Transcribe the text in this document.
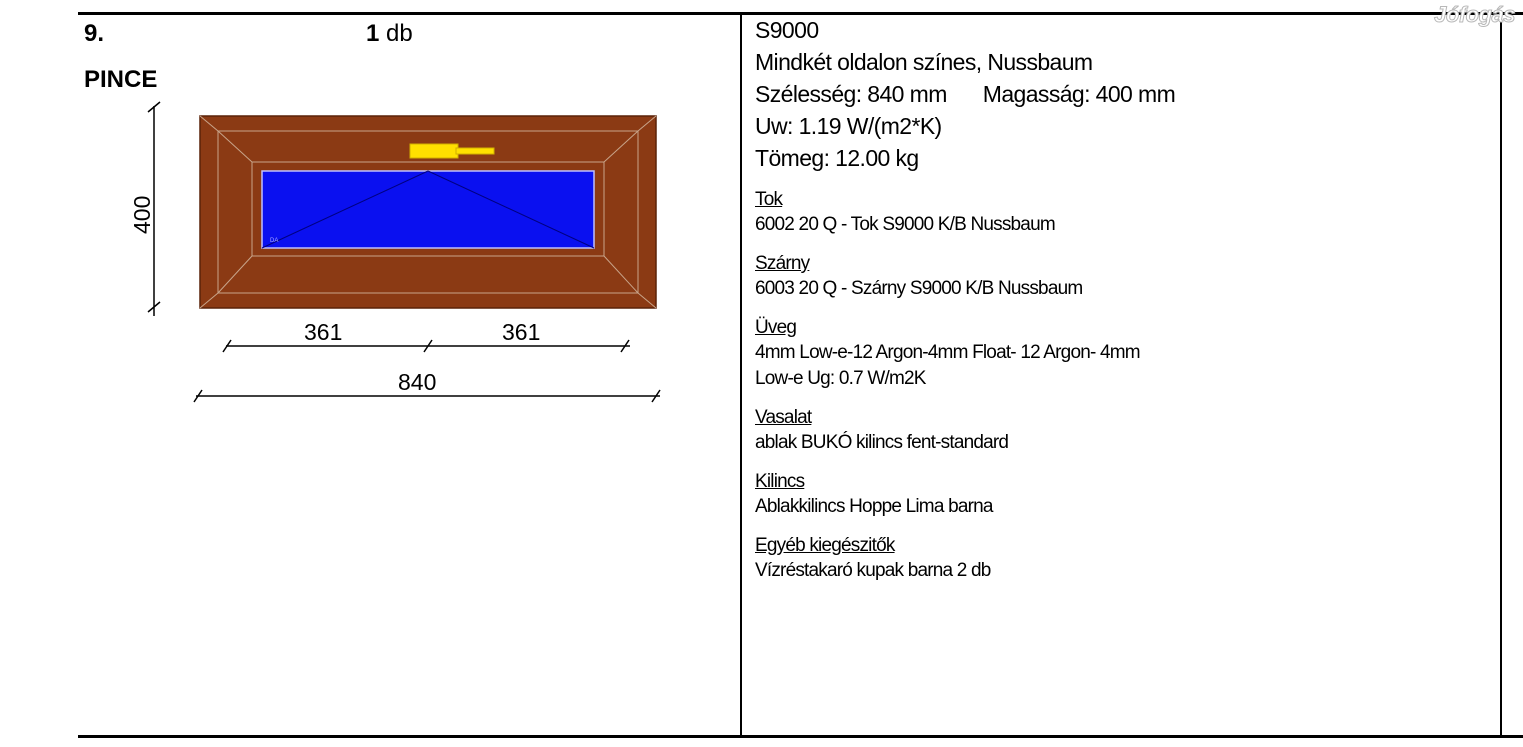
9.	1 db
PINCE
DA
400
361	361
840
S9000
Mindkét oldalon színes, Nussbaum
Szélesség: 840 mm Magasság: 400 mm
Uw: 1.19 W/(m2*K)
Tömeg: 12.00 kg
Tok
6002 20 Q - Tok S9000 K/B Nussbaum
Szárny
6003 20 Q - Szárny S9000 K/B Nussbaum
Üveg
4mm Low-e-12 Argon-4mm Float- 12 Argon- 4mm
Low-e Ug: 0.7 W/m2K
Vasalat
ablak BUKÓ kilincs fent-standard
Kilincs
Ablakkilincs Hoppe Lima barna
Egyéb kiegészitők
Vízréstakaró kupak barna 2 db
Jófogás
